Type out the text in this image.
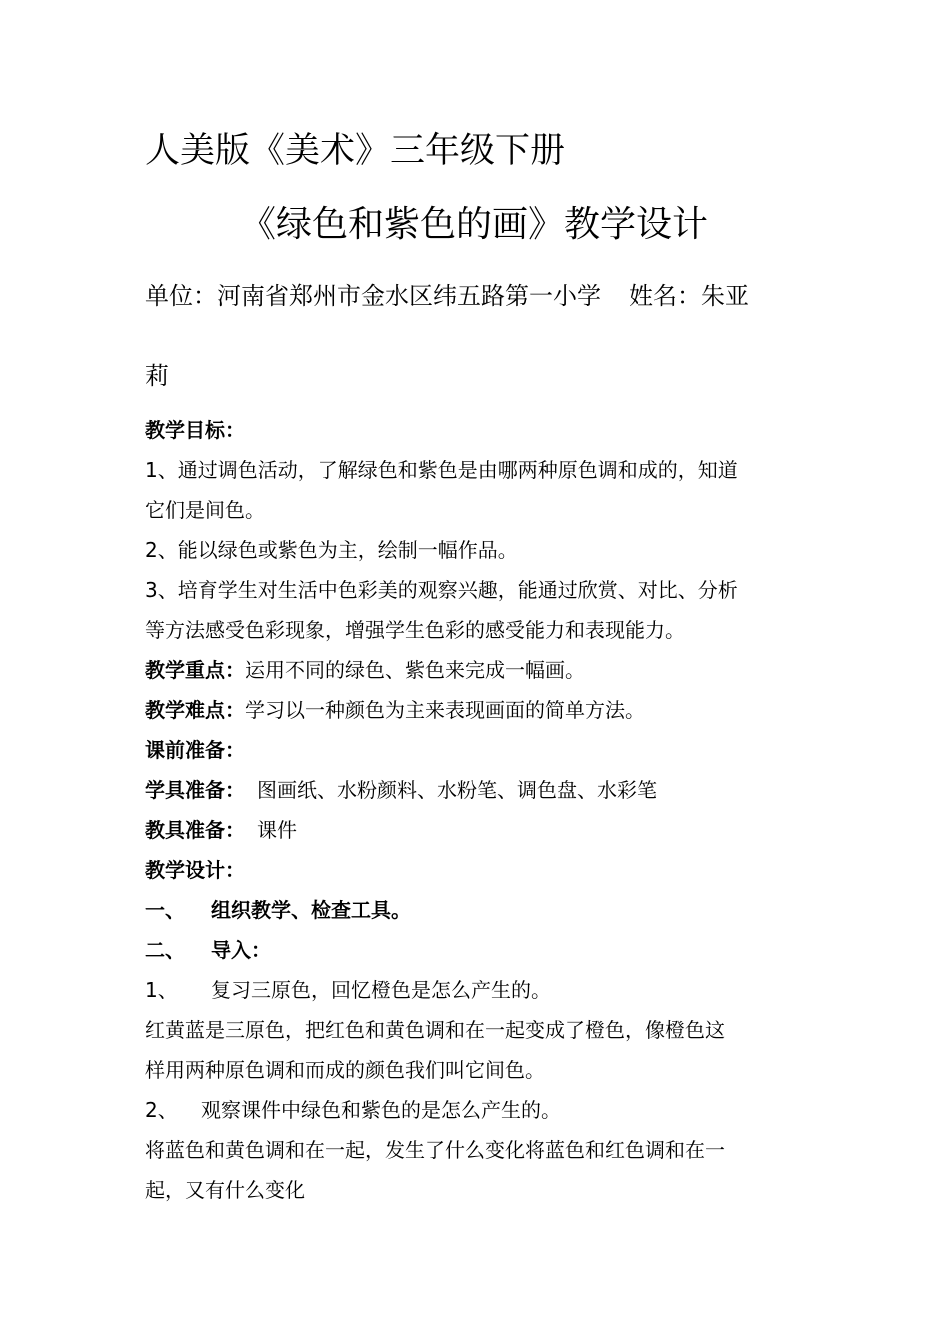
人美版《美术》三年级下册
《绿色和紫色的画》教学设计
单位：河南省郑州市金水区纬五路第一小学 姓名：朱亚
莉

教学目标：

1、通过调色活动，了解绿色和紫色是由哪两种原色调和成的，知道

它们是间色。

2、能以绿色或紫色为主，绘制一幅作品。

3、培育学生对生活中色彩美的观察兴趣，能通过欣赏、对比、分析

等方法感受色彩现象，增强学生色彩的感受能力和表现能力。

教学重点：运用不同的绿色、紫色来完成一幅画。

教学难点：学习以一种颜色为主来表现画面的简单方法。

课前准备：

学具准备： 图画纸、水粉颜料、水粉笔、调色盘、水彩笔

教具准备： 课件

教学设计：

一、 组织教学、检查工具。

二、 导入：

1、 复习三原色，回忆橙色是怎么产生的。

红黄蓝是三原色，把红色和黄色调和在一起变成了橙色，像橙色这

样用两种原色调和而成的颜色我们叫它间色。

2、 观察课件中绿色和紫色的是怎么产生的。

将蓝色和黄色调和在一起，发生了什么变化将蓝色和红色调和在一

起，又有什么变化
